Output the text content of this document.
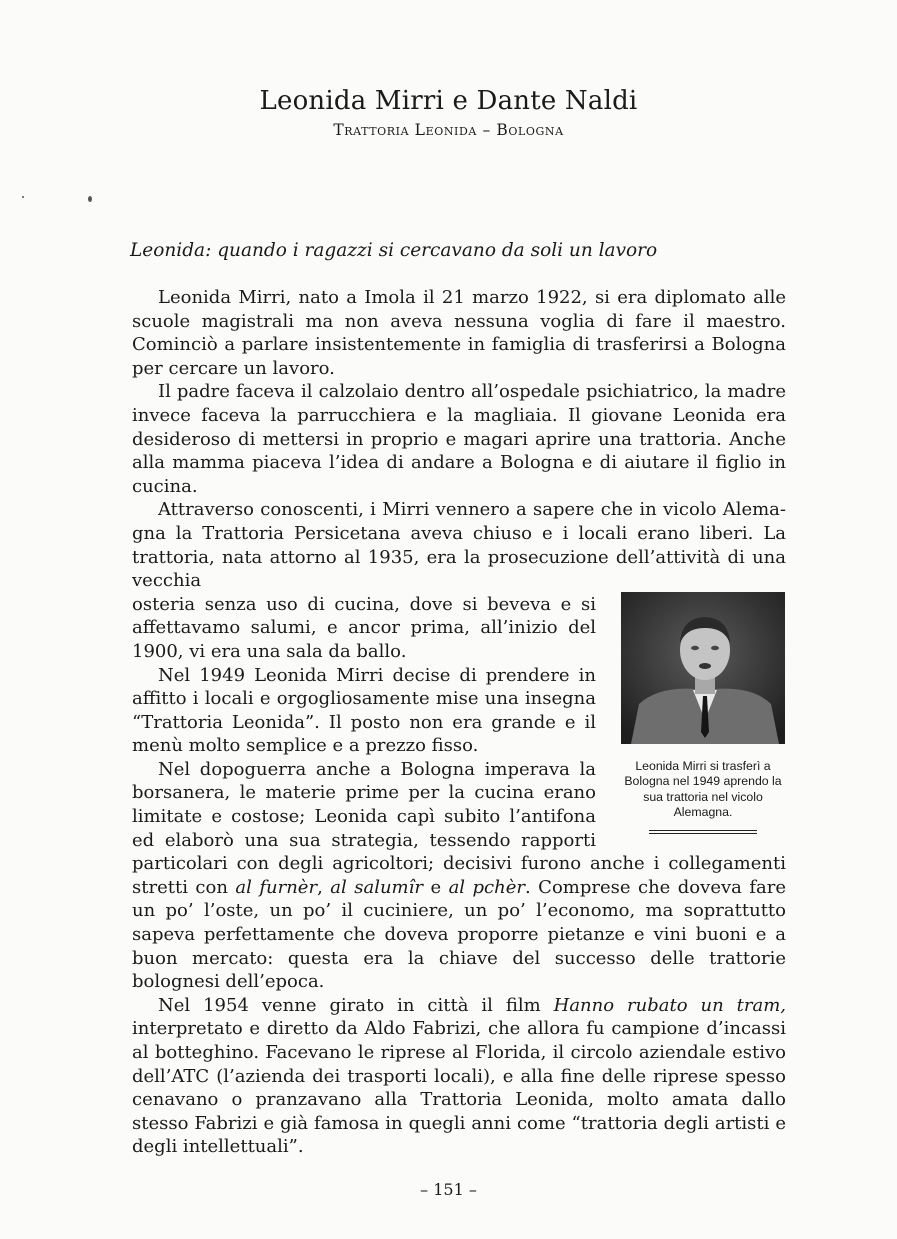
Leonida Mirri e Dante Naldi
Trattoria Leonida – Bologna
Leonida: quando i ragazzi si cercavano da soli un lavoro

Leonida Mirri, nato a Imola il 21 marzo 1922, si era diplomato alle scuole magistrali ma non aveva nessuna voglia di fare il maestro. Cominciò a parlare insistentemente in famiglia di trasferirsi a Bologna per cercare un lavoro.

Il padre faceva il calzolaio dentro all’ospedale psichiatrico, la madre invece faceva la parrucchiera e la magliaia. Il giovane Leonida era desideroso di mettersi in proprio e magari aprire una trattoria. Anche alla mamma piaceva l’idea di andare a Bologna e di aiutare il figlio in cucina.

Attraverso conoscenti, i Mirri vennero a sapere che in vicolo Alemagna la Trattoria Persicetana aveva chiuso e i locali erano liberi. La trattoria, nata attorno al 1935, era la prosecuzione dell’attività di una vecchia

Leonida Mirri si trasferì a Bologna nel 1949 aprendo la sua trattoria nel vicolo Alemagna.

osteria senza uso di cucina, dove si beveva e si affettavamo salumi, e ancor prima, all’inizio del 1900, vi era una sala da ballo.

Nel 1949 Leonida Mirri decise di prendere in affitto i locali e orgogliosamente mise una insegna “Trattoria Leonida”. Il posto non era grande e il menù molto semplice e a prezzo fisso.

Nel dopoguerra anche a Bologna imperava la borsanera, le materie prime per la cucina erano limitate e costose; Leonida capì subito l’antifona ed elaborò una sua strategia, tessendo rapporti particolari con degli agricoltori; decisivi furono anche i collegamenti stretti con al furnèr, al salumîr e al pchèr. Comprese che doveva fare un po’ l’oste, un po’ il cuciniere, un po’ l’economo, ma soprattutto sapeva perfettamente che doveva proporre pietanze e vini buoni e a buon mercato: questa era la chiave del successo delle trattorie bolognesi dell’epoca.

Nel 1954 venne girato in città il film Hanno rubato un tram, interpretato e diretto da Aldo Fabrizi, che allora fu campione d’incassi al botteghino. Facevano le riprese al Florida, il circolo aziendale estivo dell’ATC (l’azienda dei trasporti locali), e alla fine delle riprese spesso cenavano o pranzavano alla Trattoria Leonida, molto amata dallo stesso Fabrizi e già famosa in quegli anni come “trattoria degli artisti e degli intellettuali”.

– 151 –
